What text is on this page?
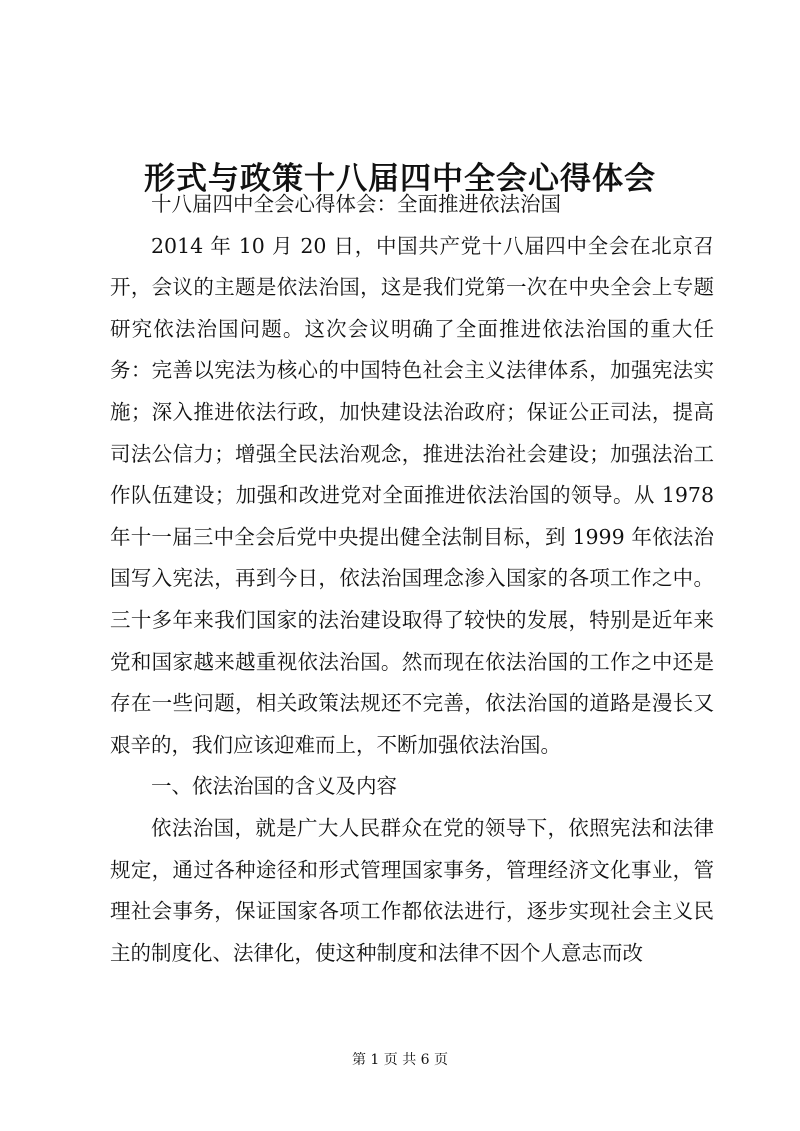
形式与政策十八届四中全会心得体会

十八届四中全会心得体会：全面推进依法治国

2014 年 10 月 20 日，中国共产党十八届四中全会在北京召开，会议的主题是依法治国，这是我们党第一次在中央全会上专题研究依法治国问题。这次会议明确了全面推进依法治国的重大任务：完善以宪法为核心的中国特色社会主义法律体系，加强宪法实施；深入推进依法行政，加快建设法治政府；保证公正司法，提高司法公信力；增强全民法治观念，推进法治社会建设；加强法治工作队伍建设；加强和改进党对全面推进依法治国的领导。从 1978 年十一届三中全会后党中央提出健全法制目标，到 1999 年依法治国写入宪法，再到今日，依法治国理念渗入国家的各项工作之中。三十多年来我们国家的法治建设取得了较快的发展，特别是近年来党和国家越来越重视依法治国。然而现在依法治国的工作之中还是存在一些问题，相关政策法规还不完善，依法治国的道路是漫长又艰辛的，我们应该迎难而上，不断加强依法治国。

一、依法治国的含义及内容

依法治国，就是广大人民群众在党的领导下，依照宪法和法律规定，通过各种途径和形式管理国家事务，管理经济文化事业，管理社会事务，保证国家各项工作都依法进行，逐步实现社会主义民主的制度化、法律化，使这种制度和法律不因个人意志而改

第 1 页 共 6 页
